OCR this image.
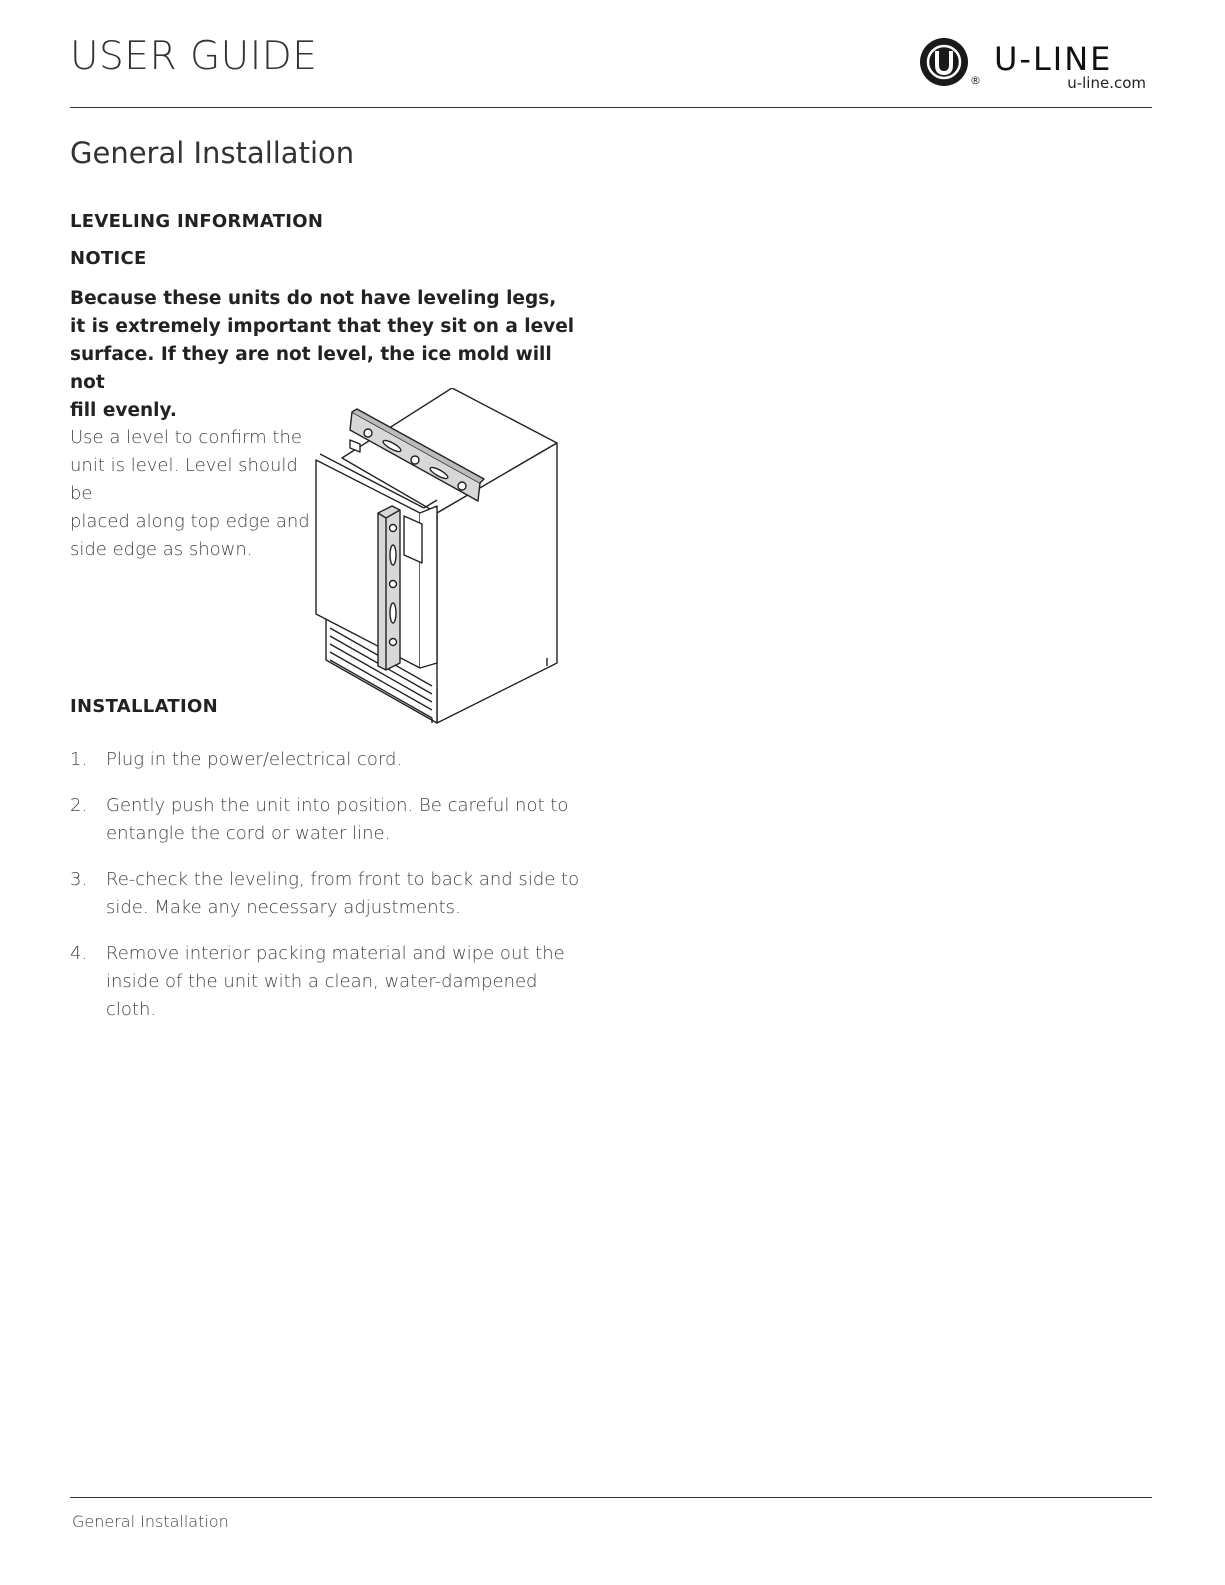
USER GUIDE
®
U-LINE
u-line.com
General Installation
LEVELING INFORMATION
NOTICE
Because these units do not have leveling legs,
it is extremely important that they sit on a level
surface. If they are not level, the ice mold will not
fill evenly.
Use a level to confirm the
unit is level. Level should be
placed along top edge and
side edge as shown.
INSTALLATION
1. Plug in the power/electrical cord.
2. Gently push the unit into position. Be careful not to
entangle the cord or water line.
3. Re-check the leveling, from front to back and side to
side. Make any necessary adjustments.
4. Remove interior packing material and wipe out the
inside of the unit with a clean, water-dampened cloth.
General Installation
